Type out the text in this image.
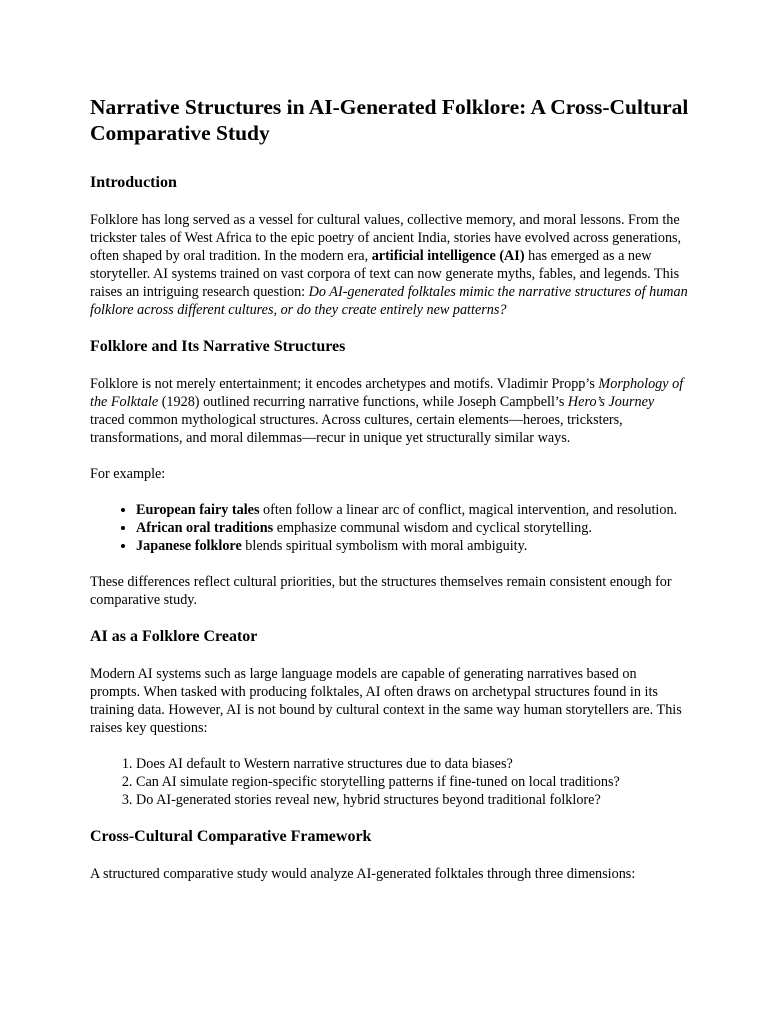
Narrative Structures in AI-Generated Folklore: A Cross-Cultural Comparative Study
Introduction

Folklore has long served as a vessel for cultural values, collective memory, and moral lessons. From the trickster tales of West Africa to the epic poetry of ancient India, stories have evolved across generations, often shaped by oral tradition. In the modern era, artificial intelligence (AI) has emerged as a new storyteller. AI systems trained on vast corpora of text can now generate myths, fables, and legends. This raises an intriguing research question: Do AI-generated folktales mimic the narrative structures of human folklore across different cultures, or do they create entirely new patterns?

Folklore and Its Narrative Structures

Folklore is not merely entertainment; it encodes archetypes and motifs. Vladimir Propp’s Morphology of the Folktale (1928) outlined recurring narrative functions, while Joseph Campbell’s Hero’s Journey traced common mythological structures. Across cultures, certain elements—heroes, tricksters, transformations, and moral dilemmas—recur in unique yet structurally similar ways.

For example:

• European fairy tales often follow a linear arc of conflict, magical intervention, and resolution.
• African oral traditions emphasize communal wisdom and cyclical storytelling.
• Japanese folklore blends spiritual symbolism with moral ambiguity.

These differences reflect cultural priorities, but the structures themselves remain consistent enough for comparative study.

AI as a Folklore Creator

Modern AI systems such as large language models are capable of generating narratives based on prompts. When tasked with producing folktales, AI often draws on archetypal structures found in its training data. However, AI is not bound by cultural context in the same way human storytellers are. This raises key questions:

1. Does AI default to Western narrative structures due to data biases?
2. Can AI simulate region-specific storytelling patterns if fine-tuned on local traditions?
3. Do AI-generated stories reveal new, hybrid structures beyond traditional folklore?
Cross-Cultural Comparative Framework

A structured comparative study would analyze AI-generated folktales through three dimensions:
